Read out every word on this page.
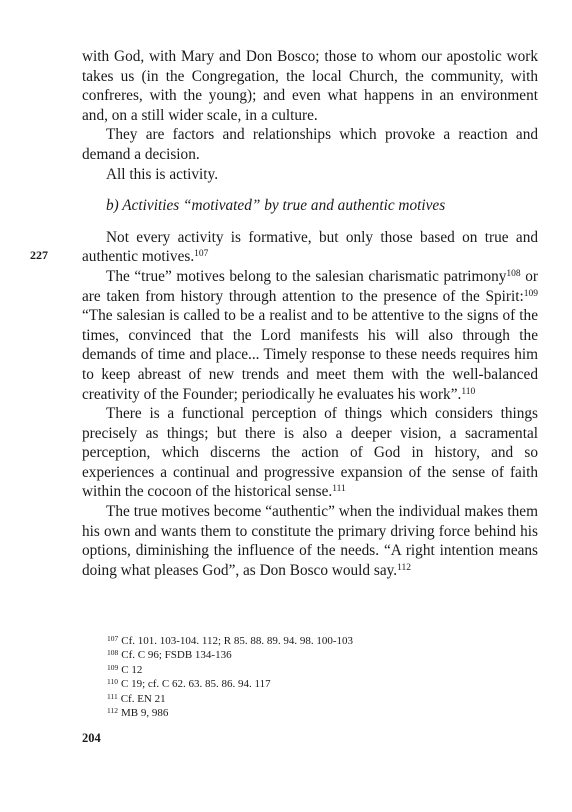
227

with God, with Mary and Don Bosco; those to whom our apostolic work takes us (in the Congregation, the local Church, the community, with confreres, with the young); and even what happens in an environment and, on a still wider scale, in a culture.

They are factors and relationships which provoke a reaction and demand a decision.

All this is activity.

b) Activities “motivated” by true and authentic motives

Not every activity is formative, but only those based on true and authentic motives.$^{107}$

The “true” motives belong to the salesian charismatic patrimony$^{108}$ or are taken from history through attention to the presence of the Spirit:$^{109}$ “The salesian is called to be a realist and to be attentive to the signs of the times, convinced that the Lord manifests his will also through the demands of time and place... Timely response to these needs requires him to keep abreast of new trends and meet them with the well-balanced creativity of the Founder; periodically he evaluates his work”.$^{110}$

There is a functional perception of things which considers things precisely as things; but there is also a deeper vision, a sacramental perception, which discerns the action of God in history, and so experiences a continual and progressive expansion of the sense of faith within the cocoon of the historical sense.$^{111}$

The true motives become “authentic” when the individual makes them his own and wants them to constitute the primary driving force behind his options, diminishing the influence of the needs. “A right intention means doing what pleases God”, as Don Bosco would say.$^{112}$

$^{107}$ Cf. 101. 103-104. 112; R 85. 88. 89. 94. 98. 100-103
$^{108}$ Cf. C 96; FSDB 134-136
$^{109}$ C 12
$^{110}$ C 19; cf. C 62. 63. 85. 86. 94. 117
$^{111}$ Cf. EN 21
$^{112}$ MB 9, 986
204
